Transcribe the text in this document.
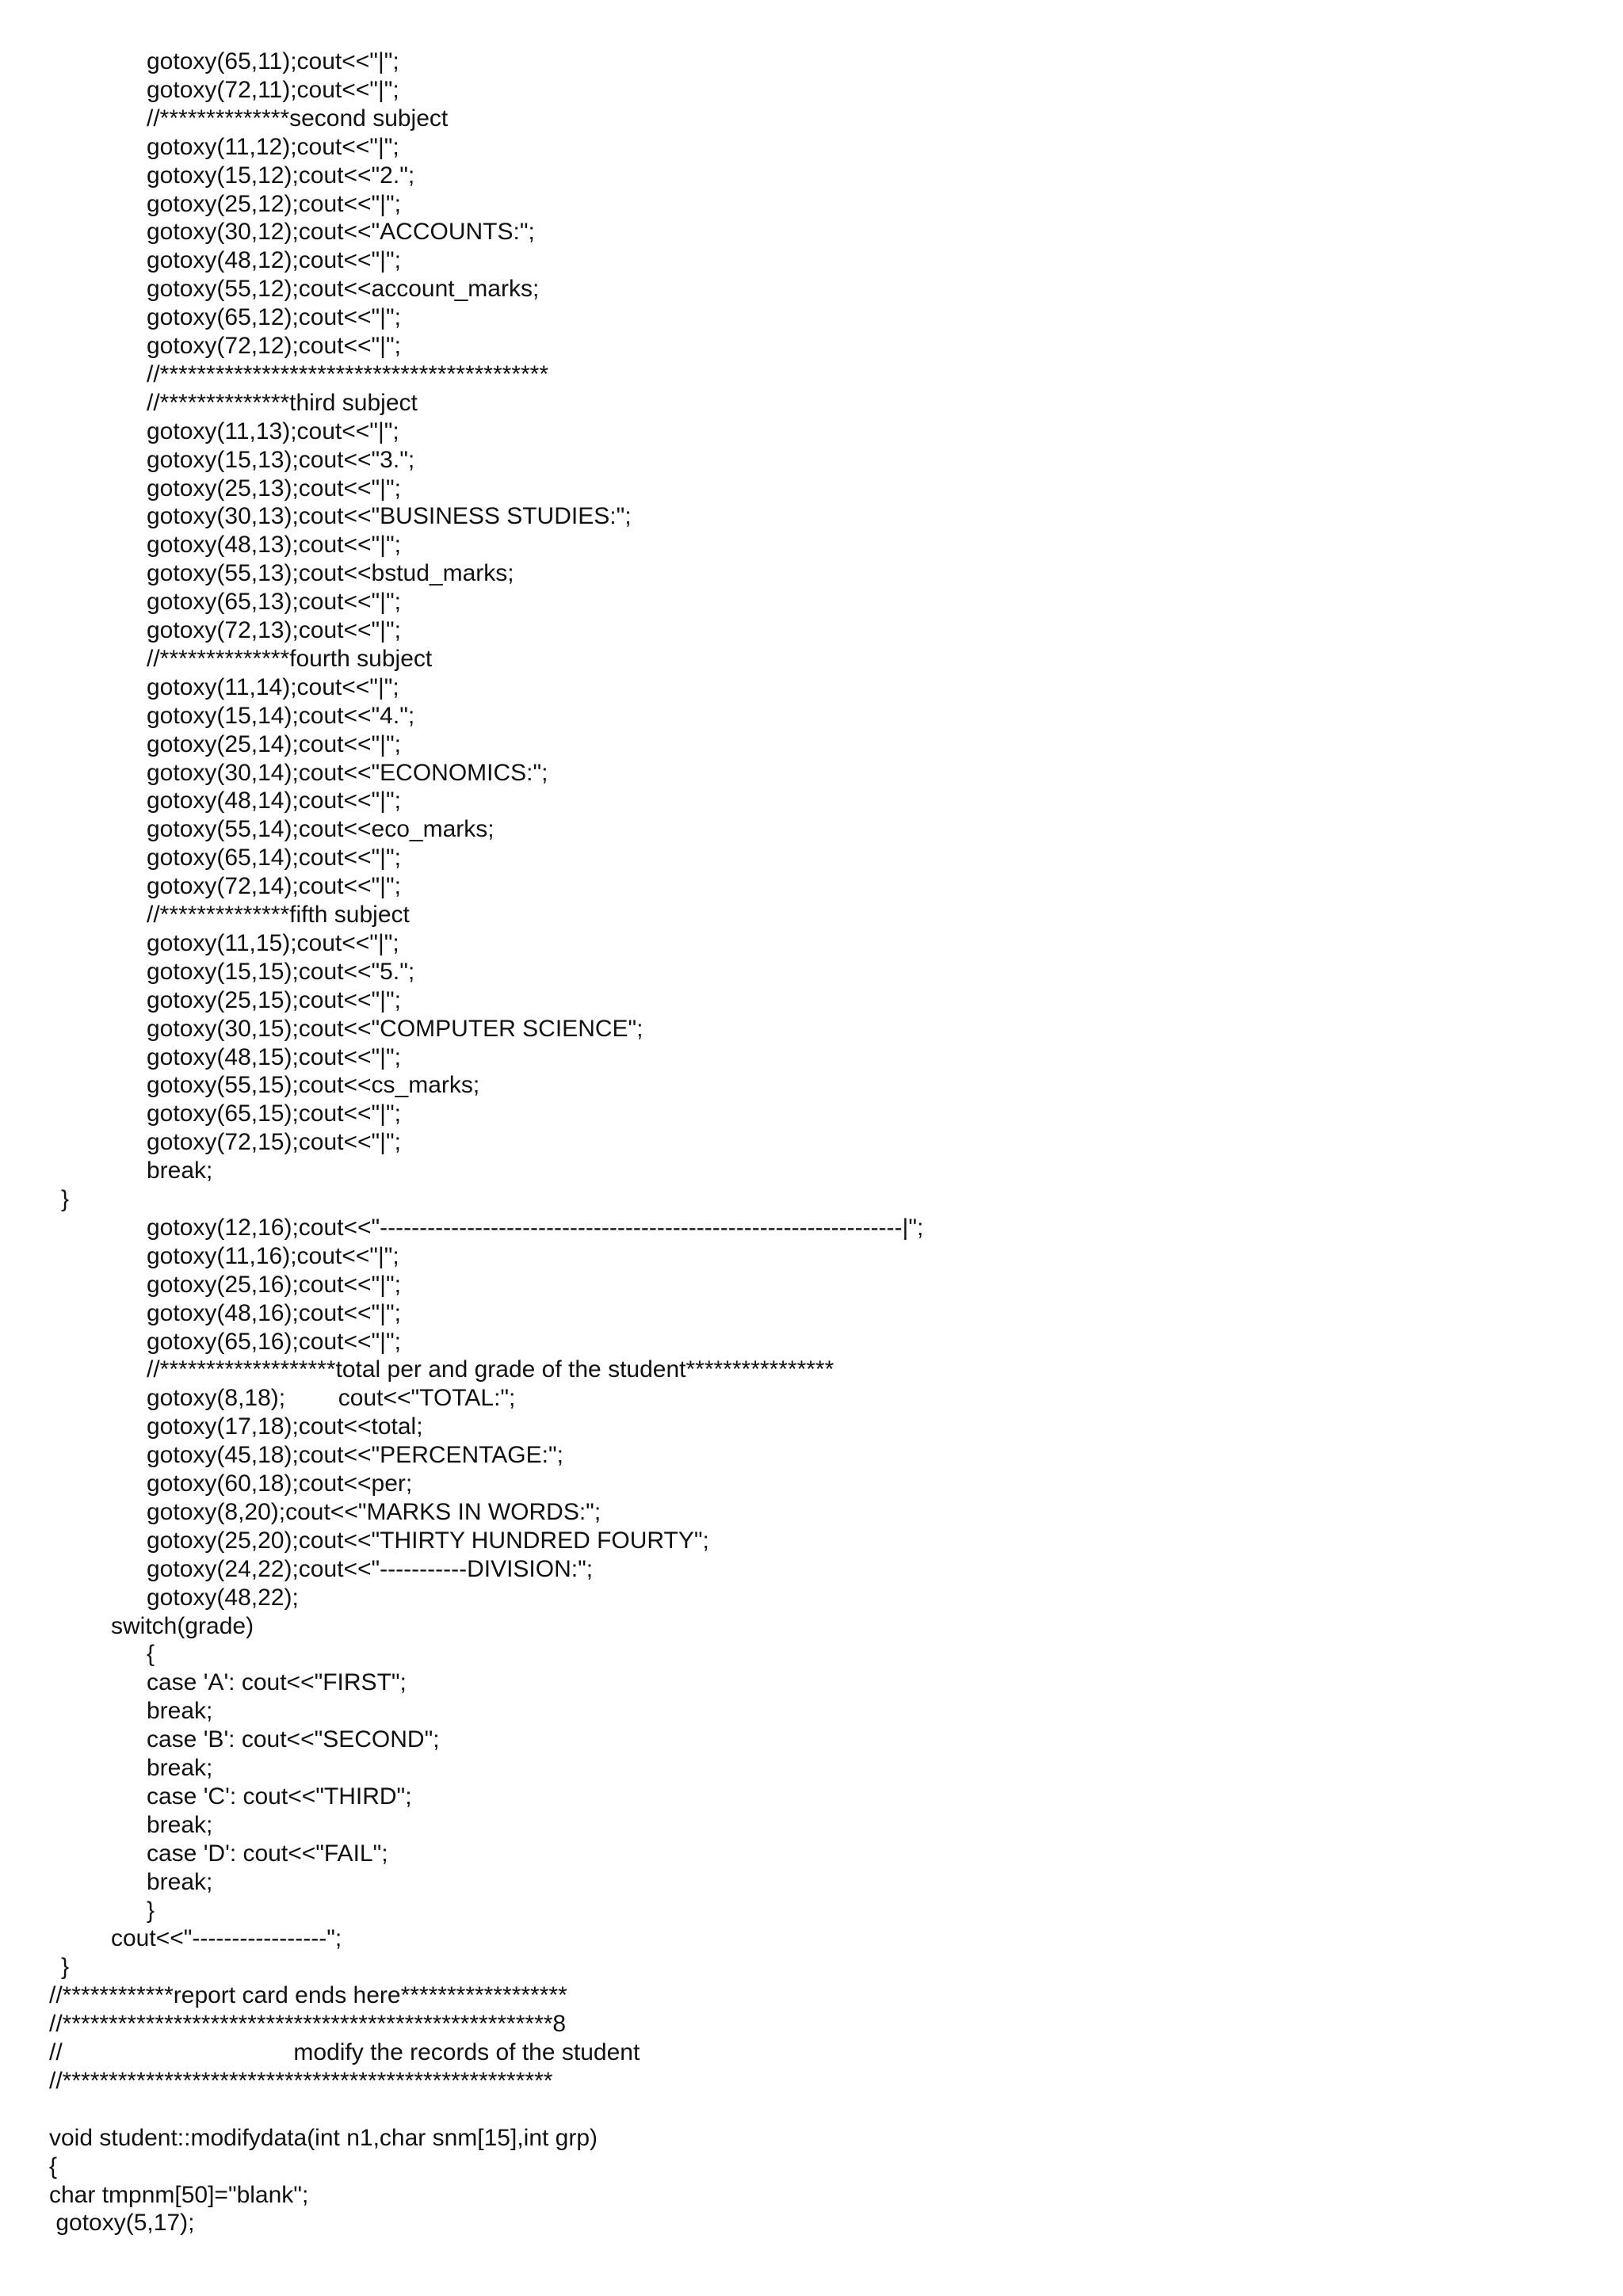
gotoxy(65,11);cout<<"|";
gotoxy(72,11);cout<<"|";
//**************second subject
gotoxy(11,12);cout<<"|";
gotoxy(15,12);cout<<"2.";
gotoxy(25,12);cout<<"|";
gotoxy(30,12);cout<<"ACCOUNTS:";
gotoxy(48,12);cout<<"|";
gotoxy(55,12);cout<<account_marks;
gotoxy(65,12);cout<<"|";
gotoxy(72,12);cout<<"|";
//******************************************
//**************third subject
gotoxy(11,13);cout<<"|";
gotoxy(15,13);cout<<"3.";
gotoxy(25,13);cout<<"|";
gotoxy(30,13);cout<<"BUSINESS STUDIES:";
gotoxy(48,13);cout<<"|";
gotoxy(55,13);cout<<bstud_marks;
gotoxy(65,13);cout<<"|";
gotoxy(72,13);cout<<"|";
//**************fourth subject
gotoxy(11,14);cout<<"|";
gotoxy(15,14);cout<<"4.";
gotoxy(25,14);cout<<"|";
gotoxy(30,14);cout<<"ECONOMICS:";
gotoxy(48,14);cout<<"|";
gotoxy(55,14);cout<<eco_marks;
gotoxy(65,14);cout<<"|";
gotoxy(72,14);cout<<"|";
//**************fifth subject
gotoxy(11,15);cout<<"|";
gotoxy(15,15);cout<<"5.";
gotoxy(25,15);cout<<"|";
gotoxy(30,15);cout<<"COMPUTER SCIENCE";
gotoxy(48,15);cout<<"|";
gotoxy(55,15);cout<<cs_marks;
gotoxy(65,15);cout<<"|";
gotoxy(72,15);cout<<"|";
break;
}
gotoxy(12,16);cout<<"------------------------------------------------------------------|";
gotoxy(11,16);cout<<"|";
gotoxy(25,16);cout<<"|";
gotoxy(48,16);cout<<"|";
gotoxy(65,16);cout<<"|";
//*******************total per and grade of the student****************
gotoxy(8,18);        cout<<"TOTAL:";
gotoxy(17,18);cout<<total;
gotoxy(45,18);cout<<"PERCENTAGE:";
gotoxy(60,18);cout<<per;
gotoxy(8,20);cout<<"MARKS IN WORDS:";
gotoxy(25,20);cout<<"THIRTY HUNDRED FOURTY";
gotoxy(24,22);cout<<"-----------DIVISION:";
gotoxy(48,22);
switch(grade)
{
case 'A': cout<<"FIRST";
break;
case 'B': cout<<"SECOND";
break;
case 'C': cout<<"THIRD";
break;
case 'D': cout<<"FAIL";
break;
}
cout<<"-----------------";
}
//************report card ends here******************
//*****************************************************8
//                                   modify the records of the student
//*****************************************************
void student::modifydata(int n1,char snm[15],int grp)
{
char tmpnm[50]="blank";
gotoxy(5,17);
